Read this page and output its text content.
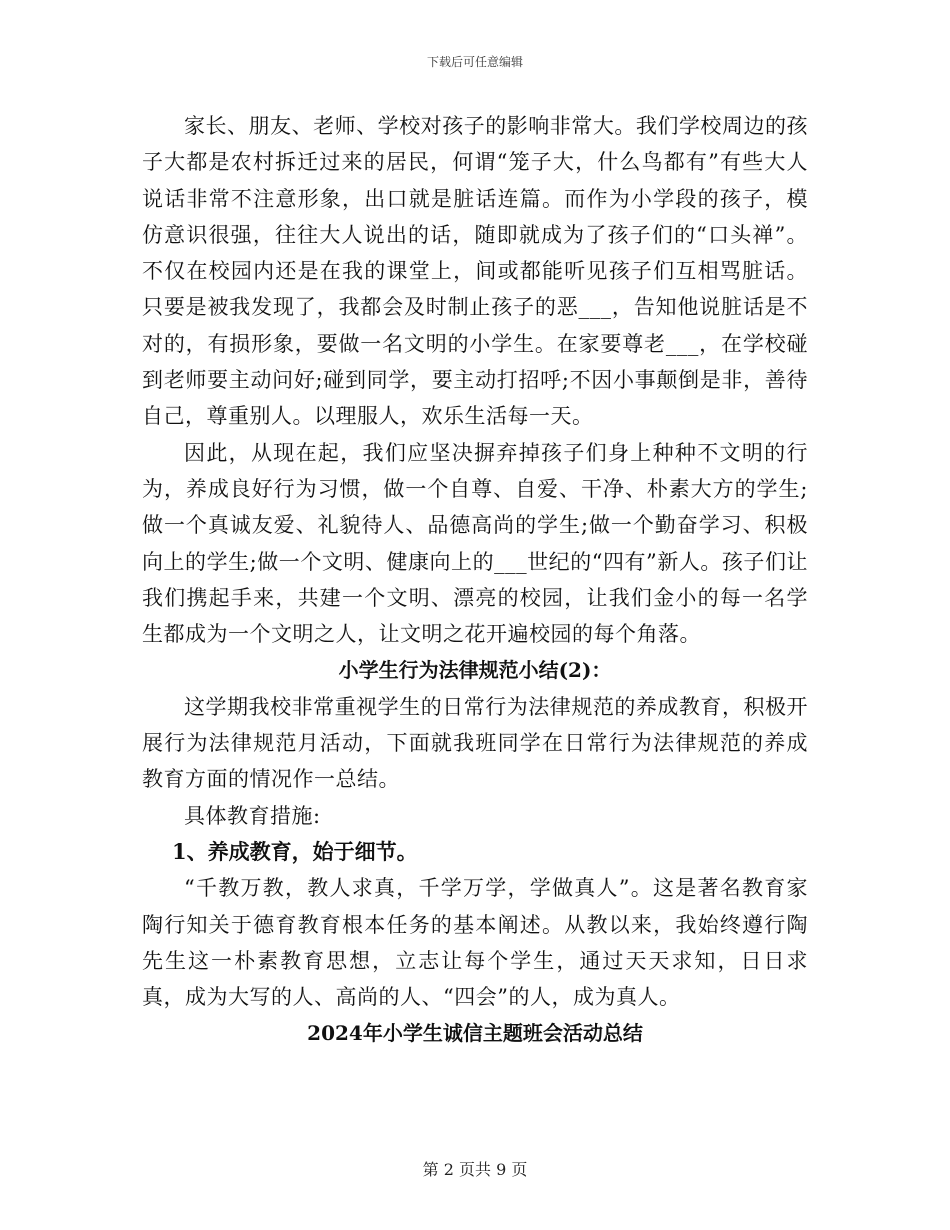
下载后可任意编辑

家长、朋友、老师、学校对孩子的影响非常大。我们学校周边的孩子大都是农村拆迁过来的居民，何谓“笼子大，什么鸟都有”有些大人说话非常不注意形象，出口就是脏话连篇。而作为小学段的孩子，模仿意识很强，往往大人说出的话，随即就成为了孩子们的“口头禅”。不仅在校园内还是在我的课堂上，间或都能听见孩子们互相骂脏话。只要是被我发现了，我都会及时制止孩子的恶___，告知他说脏话是不对的，有损形象，要做一名文明的小学生。在家要尊老___，在学校碰到老师要主动问好;碰到同学，要主动打招呼;不因小事颠倒是非，善待自己，尊重别人。以理服人，欢乐生活每一天。

因此，从现在起，我们应坚决摒弃掉孩子们身上种种不文明的行为，养成良好行为习惯，做一个自尊、自爱、干净、朴素大方的学生;做一个真诚友爱、礼貌待人、品德高尚的学生;做一个勤奋学习、积极向上的学生;做一个文明、健康向上的___世纪的“四有”新人。孩子们让我们携起手来，共建一个文明、漂亮的校园，让我们金小的每一名学生都成为一个文明之人，让文明之花开遍校园的每个角落。

小学生行为法律规范小结(2)：

这学期我校非常重视学生的日常行为法律规范的养成教育，积极开展行为法律规范月活动，下面就我班同学在日常行为法律规范的养成教育方面的情况作一总结。

具体教育措施:

1、养成教育，始于细节。

“千教万教，教人求真，千学万学，学做真人”。这是著名教育家陶行知关于德育教育根本任务的基本阐述。从教以来，我始终遵行陶先生这一朴素教育思想，立志让每个学生，通过天天求知，日日求真，成为大写的人、高尚的人、“四会”的人，成为真人。

2024年小学生诚信主题班会活动总结

第 2 页共 9 页
